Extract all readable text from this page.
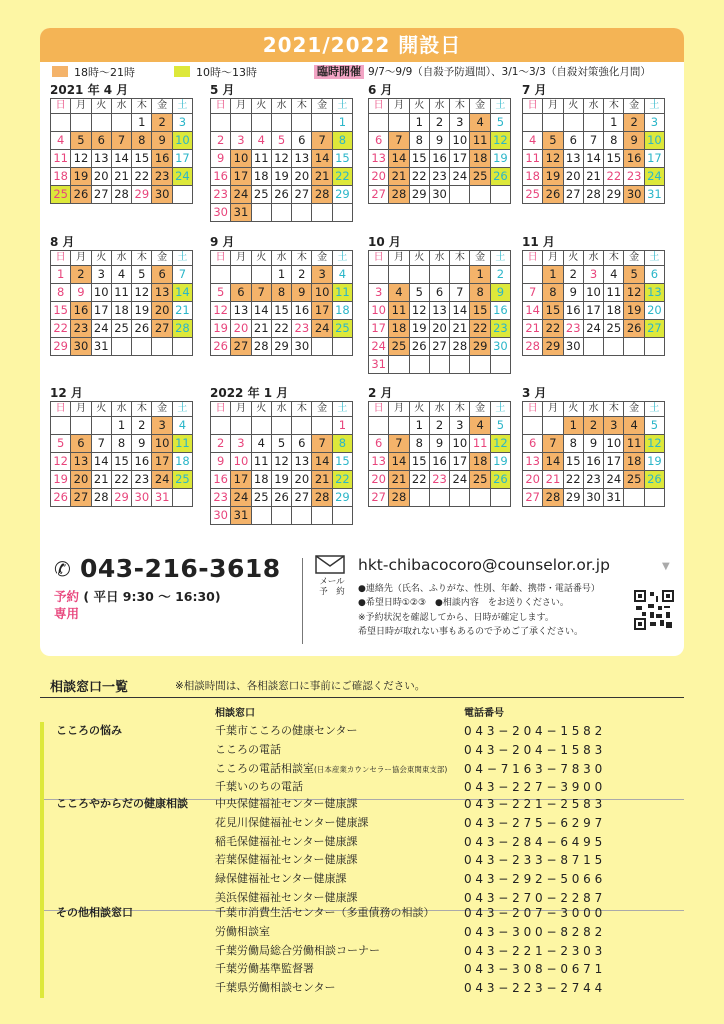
2021/2022 開設日
18時～21時	10時～13時	臨時開催 9/7～9/9（自殺予防週間）、3/1～3/3（自殺対策強化月間）
2021 年 4 月
日	月	火	水	木	金	土
				1	2	3
4	5	6	7	8	9	10
11	12	13	14	15	16	17
18	19	20	21	22	23	24
25	26	27	28	29	30	
5 月
日	月	火	水	木	金	土
						1
2	3	4	5	6	7	8
9	10	11	12	13	14	15
16	17	18	19	20	21	22
23	24	25	26	27	28	29
30	31					
6 月
日	月	火	水	木	金	土
		1	2	3	4	5
6	7	8	9	10	11	12
13	14	15	16	17	18	19
20	21	22	23	24	25	26
27	28	29	30			
7 月
日	月	火	水	木	金	土
				1	2	3
4	5	6	7	8	9	10
11	12	13	14	15	16	17
18	19	20	21	22	23	24
25	26	27	28	29	30	31
8 月
日	月	火	水	木	金	土
1	2	3	4	5	6	7
8	9	10	11	12	13	14
15	16	17	18	19	20	21
22	23	24	25	26	27	28
29	30	31				
9 月
日	月	火	水	木	金	土
			1	2	3	4
5	6	7	8	9	10	11
12	13	14	15	16	17	18
19	20	21	22	23	24	25
26	27	28	29	30		
10 月
日	月	火	水	木	金	土
					1	2
3	4	5	6	7	8	9
10	11	12	13	14	15	16
17	18	19	20	21	22	23
24	25	26	27	28	29	30
31						
11 月
日	月	火	水	木	金	土
	1	2	3	4	5	6
7	8	9	10	11	12	13
14	15	16	17	18	19	20
21	22	23	24	25	26	27
28	29	30				
12 月
日	月	火	水	木	金	土
			1	2	3	4
5	6	7	8	9	10	11
12	13	14	15	16	17	18
19	20	21	22	23	24	25
26	27	28	29	30	31	
2022 年 1 月
日	月	火	水	木	金	土
						1
2	3	4	5	6	7	8
9	10	11	12	13	14	15
16	17	18	19	20	21	22
23	24	25	26	27	28	29
30	31					
2 月
日	月	火	水	木	金	土
		1	2	3	4	5
6	7	8	9	10	11	12
13	14	15	16	17	18	19
20	21	22	23	24	25	26
27	28					
3 月
日	月	火	水	木	金	土
		1	2	3	4	5
6	7	8	9	10	11	12
13	14	15	16	17	18	19
20	21	22	23	24	25	26
27	28	29	30	31		
✆ 043-216-3618
予約 ( 平日 9:30 ～ 16:30)
専用
メール 予　約
hkt-chibacocoro@counselor.or.jp	▼
●連絡先（氏名、ふりがな、性別、年齢、携帯・電話番号）
●希望日時①②③　●相談内容　をお送りください。
※予約状況を確認してから、日時が確定します。
希望日時が取れない事もあるので予めご了承ください。
相談窓口一覧	※相談時間は、各相談窓口に事前にご確認ください。
相談窓口	電話番号
こころの悩み	千葉市こころの健康センター	043−204−1582
こころの電話	043−204−1583
こころの電話相談室(日本産業カウンセラー協会東関東支部) 04−7163−7830
千葉いのちの電話	043−227−3900
こころやからだの健康相談 中央保健福祉センター健康課	043−221−2583
花見川保健福祉センター健康課	043−275−6297
稲毛保健福祉センター健康課	043−284−6495
若葉保健福祉センター健康課	043−233−8715
緑保健福祉センター健康課	043−292−5066
美浜保健福祉センター健康課	043−270−2287
その他相談窓口	千葉市消費生活センター（多重債務の相談） 043−207−3000
労働相談室	043−300−8282
千葉労働局総合労働相談コーナー	043−221−2303
千葉労働基準監督署	043−308−0671
千葉県労働相談センター	043−223−2744
